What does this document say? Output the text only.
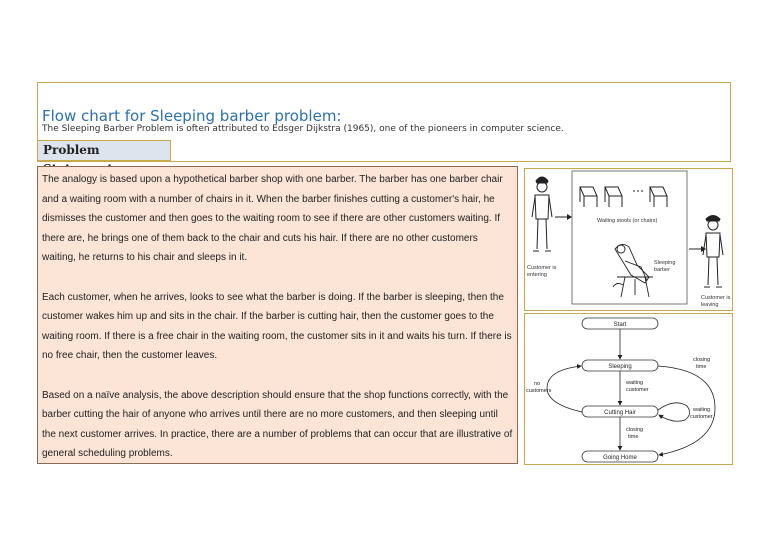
Flow chart for Sleeping barber problem:
The Sleeping Barber Problem is often attributed to Edsger Dijkstra (1965), one of the pioneers in computer science.
Problem

The analogy is based upon a hypothetical barber shop with one barber. The barber has one barber chair and a waiting room with a number of chairs in it. When the barber finishes cutting a customer's hair, he dismisses the customer and then goes to the waiting room to see if there are other customers waiting. If there are, he brings one of them back to the chair and cuts his hair. If there are no other customers waiting, he returns to his chair and sleeps in it.

Each customer, when he arrives, looks to see what the barber is doing. If the barber is sleeping, then the customer wakes him up and sits in the chair. If the barber is cutting hair, then the customer goes to the waiting room. If there is a free chair in the waiting room, the customer sits in it and waits his turn. If there is no free chair, then the customer leaves.

Based on a naïve analysis, the above description should ensure that the shop functions correctly, with the barber cutting the hair of anyone who arrives until there are no more customers, and then sleeping until the next customer arrives. In practice, there are a number of problems that can occur that are illustrative of general scheduling problems.

Customer is
entering
Waiting stools (or chairs)
Sleeping
barber
Customer is
leaving
Start
Sleeping
Cutting Hair
Going Home
waiting
customer
no
customers
closing
time
waiting
customer
closing
time
